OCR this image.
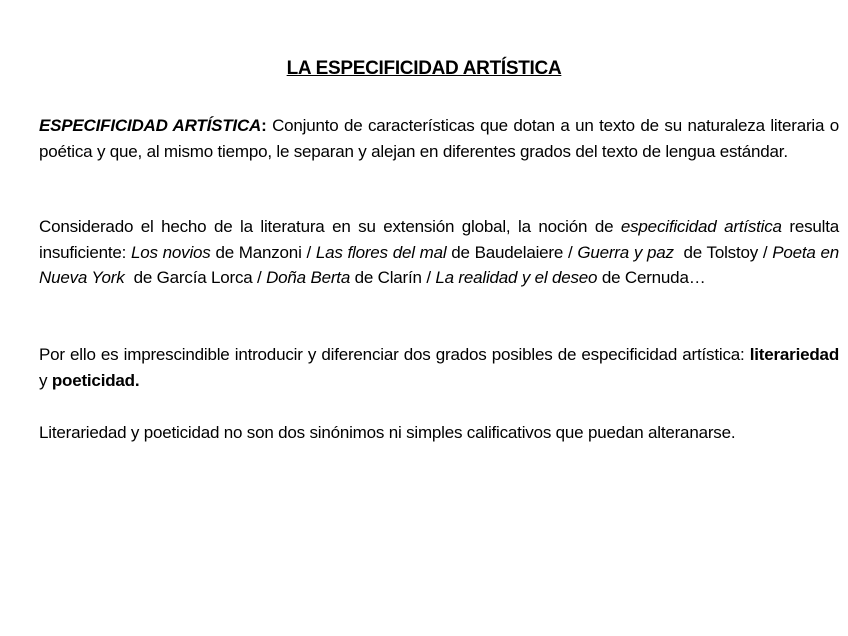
LA ESPECIFICIDAD ARTÍSTICA
ESPECIFICIDAD ARTÍSTICA: Conjunto de características que dotan a un texto de su naturaleza literaria o poética y que, al mismo tiempo, le separan y alejan en diferentes grados del texto de lengua estándar.
Considerado el hecho de la literatura en su extensión global, la noción de especificidad artística resulta insuficiente: Los novios de Manzoni / Las flores del mal de Baudelaiere / Guerra y paz  de Tolstoy / Poeta en Nueva York  de García Lorca / Doña Berta de Clarín / La realidad y el deseo de Cernuda…
Por ello es imprescindible introducir y diferenciar dos grados posibles de especificidad artística: literariedad y poeticidad.
Literariedad y poeticidad no son dos sinónimos ni simples calificativos que puedan alteranarse.
